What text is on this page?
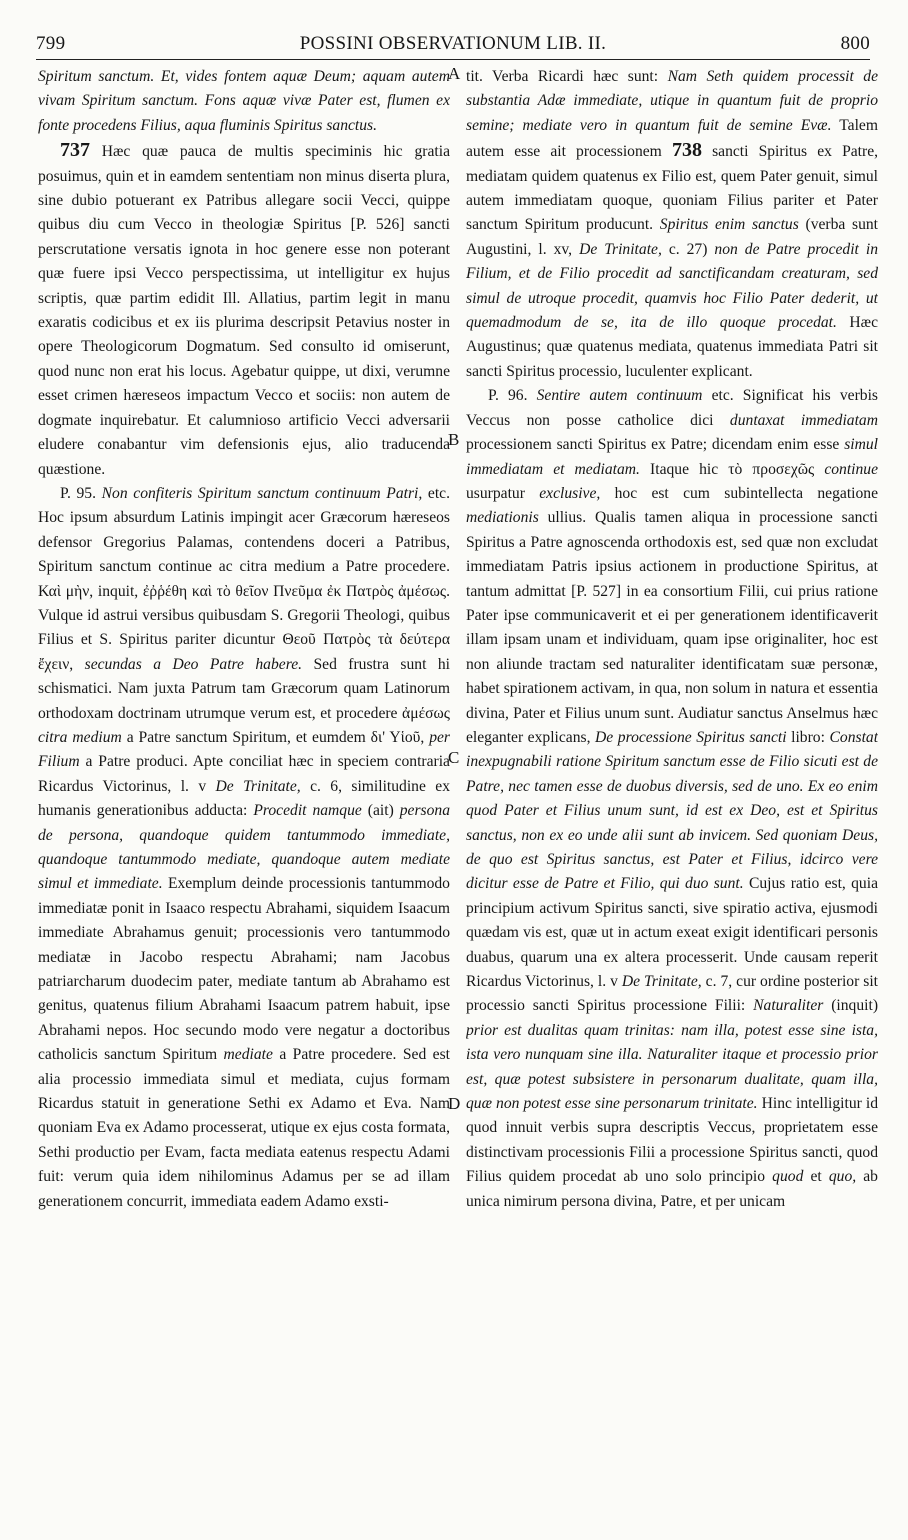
799	POSSINI OBSERVATIONUM LIB. II.	800
A
B
C
D

Spiritum sanctum. Et, vides fontem aquæ Deum; aquam autem vivam Spiritum sanctum. Fons aquæ vivæ Pater est, flumen ex fonte procedens Filius, aqua fluminis Spiritus sanctus.

737 Hæc quæ pauca de multis speciminis hic gratia posuimus, quin et in eamdem sententiam non minus diserta plura, sine dubio potuerant ex Patribus allegare socii Vecci, quippe quibus diu cum Vecco in theologiæ Spiritus [P. 526] sancti perscrutatione versatis ignota in hoc genere esse non poterant quæ fuere ipsi Vecco perspectissima, ut intelligitur ex hujus scriptis, quæ partim edidit Ill. Allatius, partim legit in manu exaratis codicibus et ex iis plurima descripsit Petavius noster in opere Theologicorum Dogmatum. Sed consulto id omiserunt, quod nunc non erat his locus. Agebatur quippe, ut dixi, verumne esset crimen hæreseos impactum Vecco et sociis: non autem de dogmate inquirebatur. Et calumnioso artificio Vecci adversarii eludere conabantur vim defensionis ejus, alio traducenda quæstione.

P. 95. Non confiteris Spiritum sanctum continuum Patri, etc. Hoc ipsum absurdum Latinis impingit acer Græcorum hæreseos defensor Gregorius Palamas, contendens doceri a Patribus, Spiritum sanctum continue ac citra medium a Patre procedere. Καὶ μὴν, inquit, ἐῤῥέθη καὶ τὸ θεῖον Πνεῦμα ἐκ Πατρὸς ἀμέσως. Vulque id astrui versibus quibusdam S. Gregorii Theologi, quibus Filius et S. Spiritus pariter dicuntur Θεοῦ Πατρὸς τὰ δεύτερα ἔχειν, secundas a Deo Patre habere. Sed frustra sunt hi schismatici. Nam juxta Patrum tam Græcorum quam Latinorum orthodoxam doctrinam utrumque verum est, et procedere ἀμέσως citra medium a Patre sanctum Spiritum, et eumdem δι' Υἱοῦ, per Filium a Patre produci. Apte conciliat hæc in speciem contraria Ricardus Victorinus, l. v De Trinitate, c. 6, similitudine ex humanis generationibus adducta: Procedit namque (ait) persona de persona, quandoque quidem tantummodo immediate, quandoque tantummodo mediate, quandoque autem mediate simul et immediate. Exemplum deinde processionis tantummodo immediatæ ponit in Isaaco respectu Abrahami, siquidem Isaacum immediate Abrahamus genuit; processionis vero tantummodo mediatæ in Jacobo respectu Abrahami; nam Jacobus patriarcharum duodecim pater, mediate tantum ab Abrahamo est genitus, quatenus filium Abrahami Isaacum patrem habuit, ipse Abrahami nepos. Hoc secundo modo vere negatur a doctoribus catholicis sanctum Spiritum mediate a Patre procedere. Sed est alia processio immediata simul et mediata, cujus formam Ricardus statuit in generatione Sethi ex Adamo et Eva. Nam quoniam Eva ex Adamo processerat, utique ex ejus costa formata, Sethi productio per Evam, facta mediata eatenus respectu Adami fuit: verum quia idem nihilominus Adamus per se ad illam generationem concurrit, immediata eadem Adamo exsti-

tit. Verba Ricardi hæc sunt: Nam Seth quidem processit de substantia Adæ immediate, utique in quantum fuit de proprio semine; mediate vero in quantum fuit de semine Evæ. Talem autem esse ait processionem 738 sancti Spiritus ex Patre, mediatam quidem quatenus ex Filio est, quem Pater genuit, simul autem immediatam quoque, quoniam Filius pariter et Pater sanctum Spiritum producunt. Spiritus enim sanctus (verba sunt Augustini, l. xv, De Trinitate, c. 27) non de Patre procedit in Filium, et de Filio procedit ad sanctificandam creaturam, sed simul de utroque procedit, quamvis hoc Filio Pater dederit, ut quemadmodum de se, ita de illo quoque procedat. Hæc Augustinus; quæ quatenus mediata, quatenus immediata Patri sit sancti Spiritus processio, luculenter explicant.

P. 96. Sentire autem continuum etc. Significat his verbis Veccus non posse catholice dici duntaxat immediatam processionem sancti Spiritus ex Patre; dicendam enim esse simul immediatam et mediatam. Itaque hic τὸ προσεχῶς continue usurpatur exclusive, hoc est cum subintellecta negatione mediationis ullius. Qualis tamen aliqua in processione sancti Spiritus a Patre agnoscenda orthodoxis est, sed quæ non excludat immediatam Patris ipsius actionem in productione Spiritus, at tantum admittat [P. 527] in ea consortium Filii, cui prius ratione Pater ipse communicaverit et ei per generationem identificaverit illam ipsam unam et individuam, quam ipse originaliter, hoc est non aliunde tractam sed naturaliter identificatam suæ personæ, habet spirationem activam, in qua, non solum in natura et essentia divina, Pater et Filius unum sunt. Audiatur sanctus Anselmus hæc eleganter explicans, De processione Spiritus sancti libro: Constat inexpugnabili ratione Spiritum sanctum esse de Filio sicuti est de Patre, nec tamen esse de duobus diversis, sed de uno. Ex eo enim quod Pater et Filius unum sunt, id est ex Deo, est et Spiritus sanctus, non ex eo unde alii sunt ab invicem. Sed quoniam Deus, de quo est Spiritus sanctus, est Pater et Filius, idcirco vere dicitur esse de Patre et Filio, qui duo sunt. Cujus ratio est, quia principium activum Spiritus sancti, sive spiratio activa, ejusmodi quædam vis est, quæ ut in actum exeat exigit identificari personis duabus, quarum una ex altera processerit. Unde causam reperit Ricardus Victorinus, l. v De Trinitate, c. 7, cur ordine posterior sit processio sancti Spiritus processione Filii: Naturaliter (inquit) prior est dualitas quam trinitas: nam illa, potest esse sine ista, ista vero nunquam sine illa. Naturaliter itaque et processio prior est, quæ potest subsistere in personarum dualitate, quam illa, quæ non potest esse sine personarum trinitate. Hinc intelligitur id quod innuit verbis supra descriptis Veccus, proprietatem esse distinctivam processionis Filii a processione Spiritus sancti, quod Filius quidem procedat ab uno solo principio quod et quo, ab unica nimirum persona divina, Patre, et per unicam
